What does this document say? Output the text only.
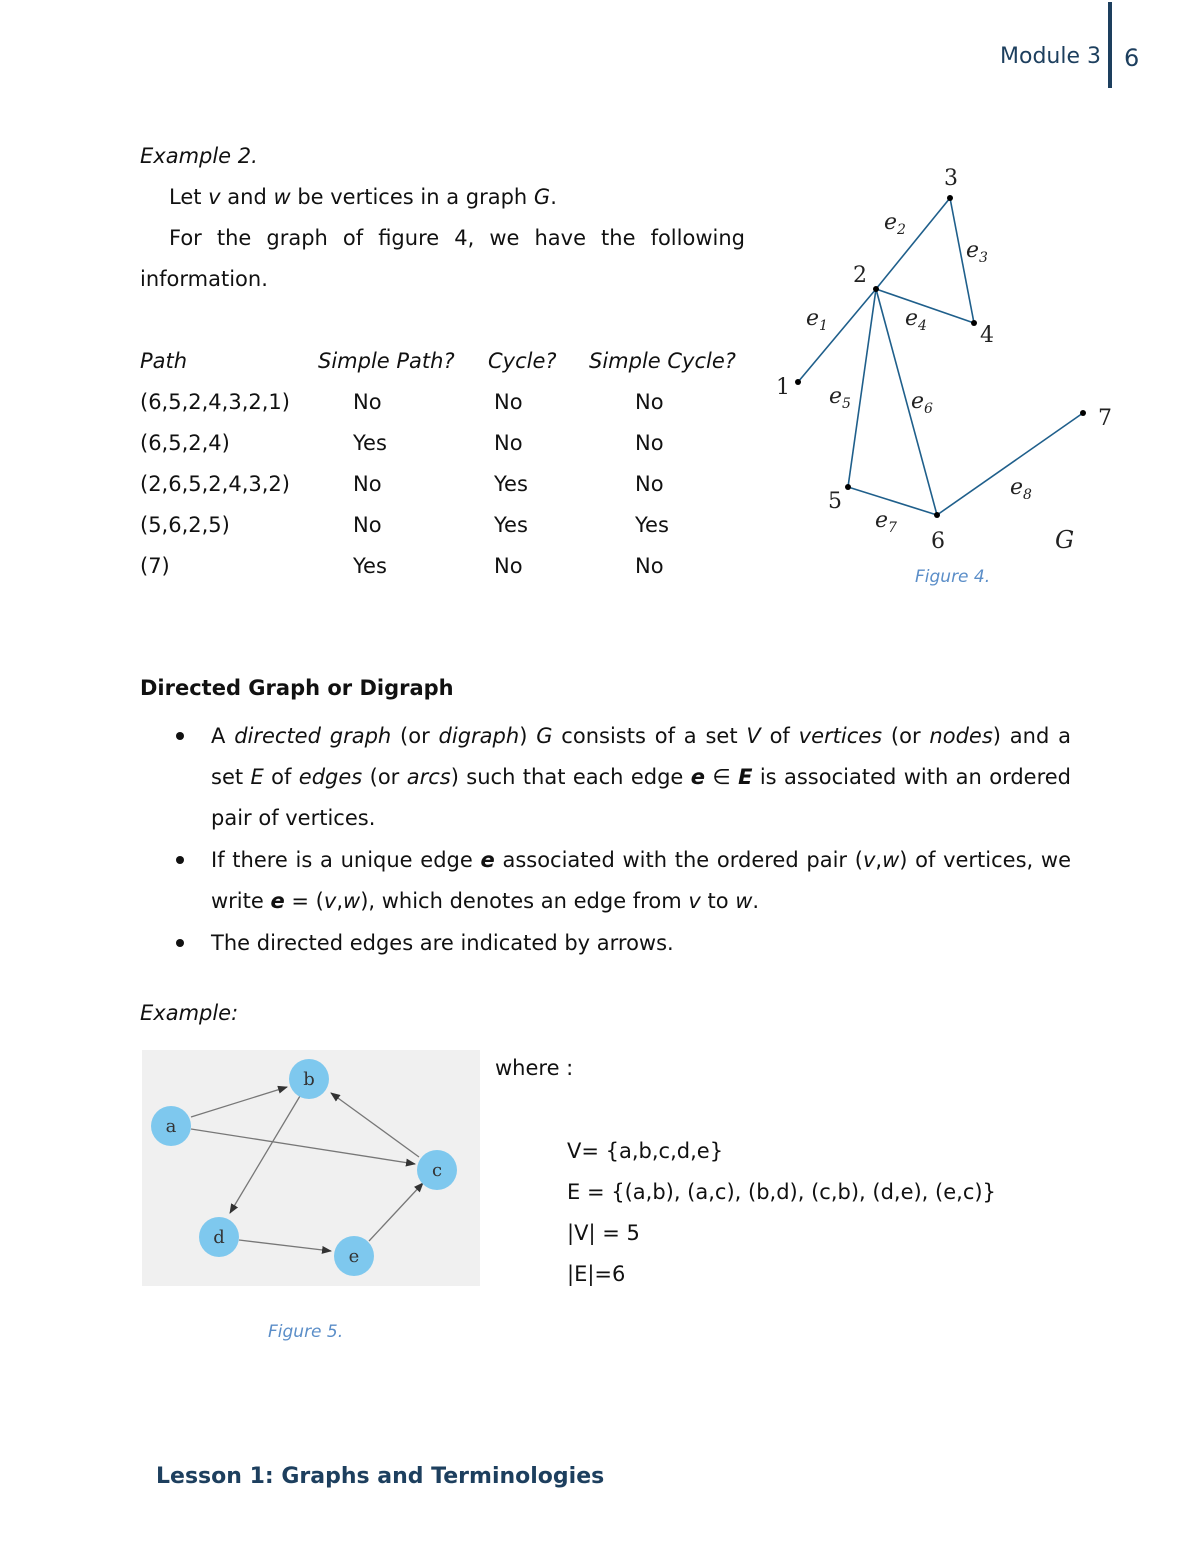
Module 3 6
Example 2.
Let v and w be vertices in a graph G.
For the graph of figure 4, we have the following
information.
Path	Simple Path? Cycle? Simple Cycle?
(6,5,2,4,3,2,1)	No	No	No
(6,5,2,4)	Yes	No	No
(2,6,5,2,4,3,2)	No	Yes	No
(5,6,2,5)	No	Yes	Yes
(7)	Yes	No	No
1
2
3
4
5
6
7
$e_1$
$e_2$
$e_3$
$e_4$
$e_5$	$e_6$
$e_7$
$e_8$
G
Figure 4.
Directed Graph or Digraph
A directed graph (or digraph) G consists of a set V of vertices (or nodes) and a set E of edges (or arcs) such that each edge e ∈ E is associated with an ordered pair of vertices.
If there is a unique edge e associated with the ordered pair (v,w) of vertices, we write e = (v,w), which denotes an edge from v to w.
The directed edges are indicated by arrows.
Example:
a
b
c
d
e
Figure 5.
where :
V= {a,b,c,d,e}
E = {(a,b), (a,c), (b,d), (c,b), (d,e), (e,c)}
|V| = 5
|E|=6
Lesson 1: Graphs and Terminologies
